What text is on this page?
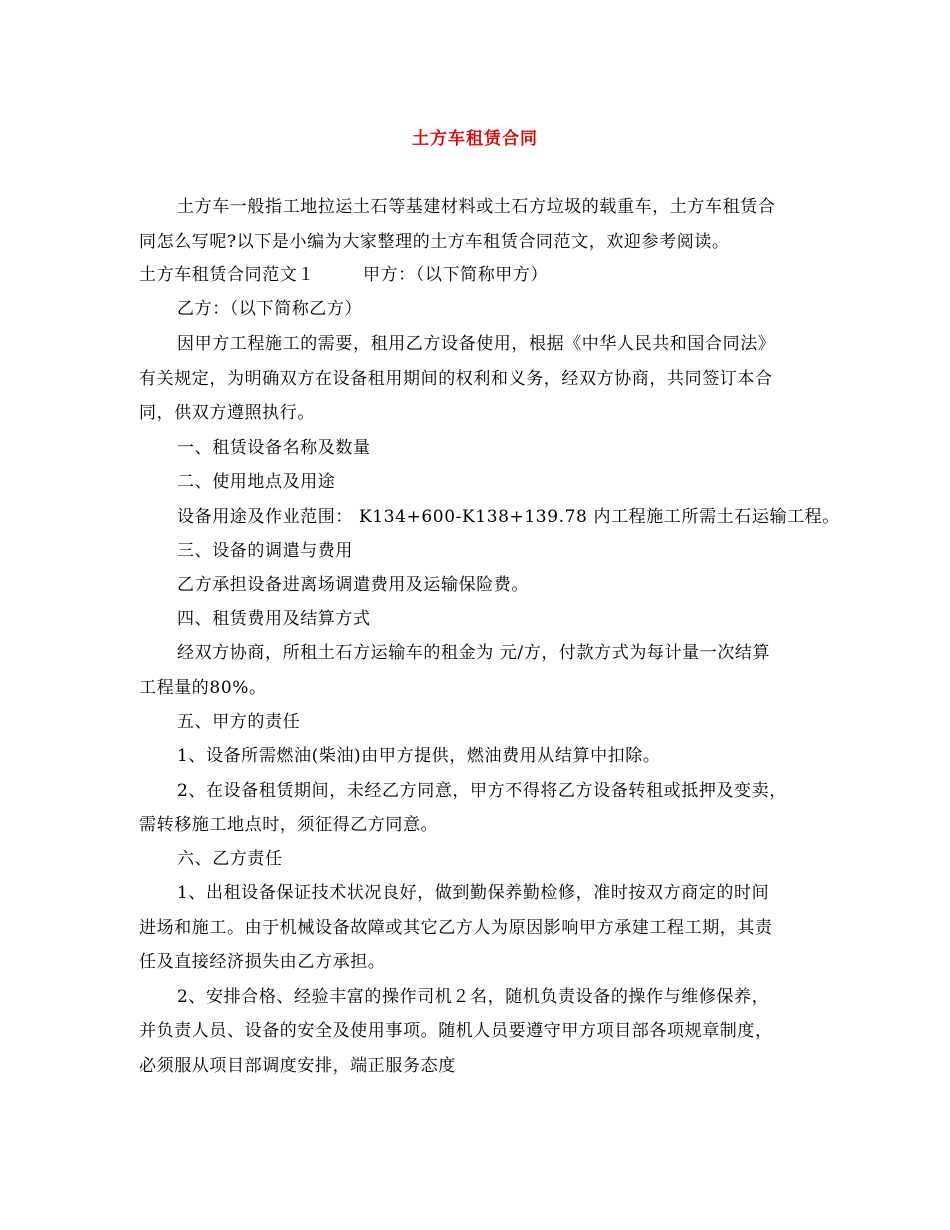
土方车租赁合同
土方车一般指工地拉运土石等基建材料或土石方垃圾的载重车，土方车租赁合
同怎么写呢?以下是小编为大家整理的土方车租赁合同范文，欢迎参考阅读。
土方车租赁合同范文１	甲方：（以下简称甲方）
乙方：（以下简称乙方）
因甲方工程施工的需要，租用乙方设备使用，根据《中华人民共和国合同法》
有关规定，为明确双方在设备租用期间的权利和义务，经双方协商，共同签订本合
同，供双方遵照执行。
一、租赁设备名称及数量
二、使用地点及用途
设备用途及作业范围： K134+600-K138+139.78 内工程施工所需土石运输工程。
三、设备的调遣与费用
乙方承担设备进离场调遣费用及运输保险费。
四、租赁费用及结算方式
经双方协商，所租土石方运输车的租金为 元/方，付款方式为每计量一次结算
工程量的80%。
五、甲方的责任
1、设备所需燃油(柴油)由甲方提供，燃油费用从结算中扣除。
2、在设备租赁期间，未经乙方同意，甲方不得将乙方设备转租或抵押及变卖，
需转移施工地点时，须征得乙方同意。
六、乙方责任
1、出租设备保证技术状况良好，做到勤保养勤检修，准时按双方商定的时间
进场和施工。由于机械设备故障或其它乙方人为原因影响甲方承建工程工期，其责
任及直接经济损失由乙方承担。
2、安排合格、经验丰富的操作司机２名，随机负责设备的操作与维修保养，
并负责人员、设备的安全及使用事项。随机人员要遵守甲方项目部各项规章制度，
必须服从项目部调度安排，端正服务态度
